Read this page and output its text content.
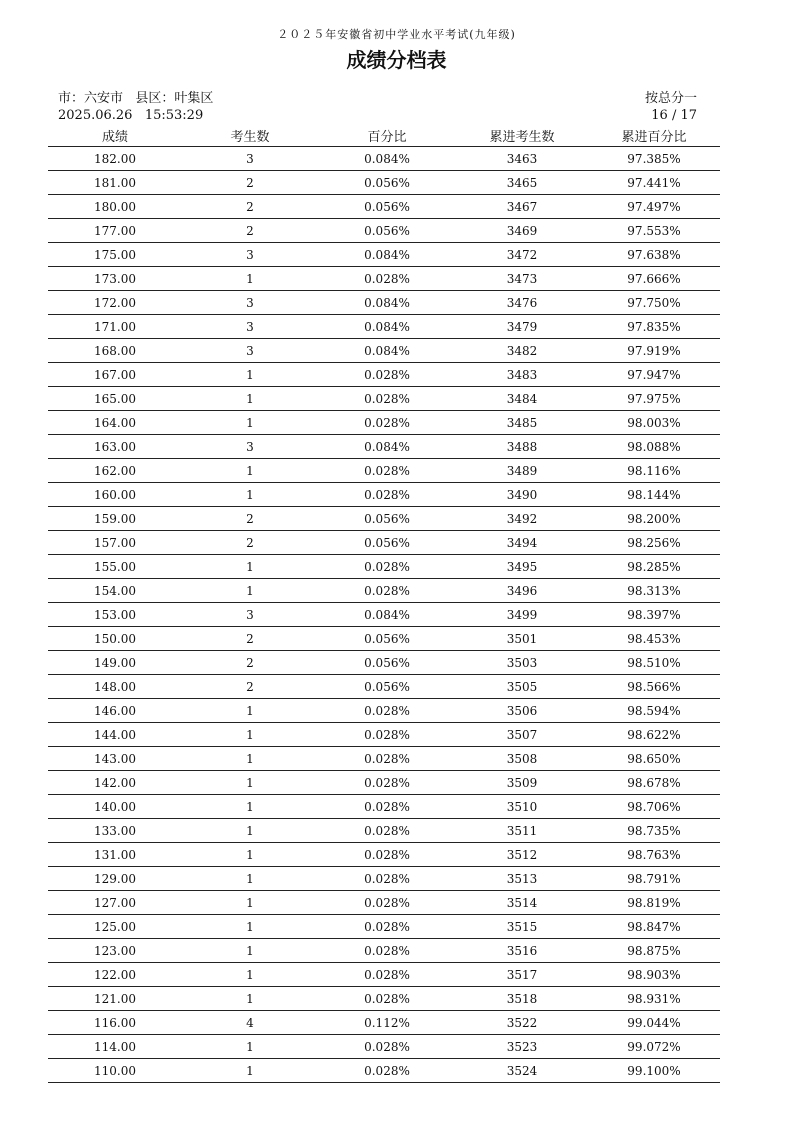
２０２５年安徽省初中学业水平考试(九年级)
成绩分档表
市：六安市   县区：叶集区
2025.06.26   15:53:29
按总分一
16 / 17
成绩	考生数	百分比	累进考生数	累进百分比
182.00	3	0.084%	3463	97.385%
181.00	2	0.056%	3465	97.441%
180.00	2	0.056%	3467	97.497%
177.00	2	0.056%	3469	97.553%
175.00	3	0.084%	3472	97.638%
173.00	1	0.028%	3473	97.666%
172.00	3	0.084%	3476	97.750%
171.00	3	0.084%	3479	97.835%
168.00	3	0.084%	3482	97.919%
167.00	1	0.028%	3483	97.947%
165.00	1	0.028%	3484	97.975%
164.00	1	0.028%	3485	98.003%
163.00	3	0.084%	3488	98.088%
162.00	1	0.028%	3489	98.116%
160.00	1	0.028%	3490	98.144%
159.00	2	0.056%	3492	98.200%
157.00	2	0.056%	3494	98.256%
155.00	1	0.028%	3495	98.285%
154.00	1	0.028%	3496	98.313%
153.00	3	0.084%	3499	98.397%
150.00	2	0.056%	3501	98.453%
149.00	2	0.056%	3503	98.510%
148.00	2	0.056%	3505	98.566%
146.00	1	0.028%	3506	98.594%
144.00	1	0.028%	3507	98.622%
143.00	1	0.028%	3508	98.650%
142.00	1	0.028%	3509	98.678%
140.00	1	0.028%	3510	98.706%
133.00	1	0.028%	3511	98.735%
131.00	1	0.028%	3512	98.763%
129.00	1	0.028%	3513	98.791%
127.00	1	0.028%	3514	98.819%
125.00	1	0.028%	3515	98.847%
123.00	1	0.028%	3516	98.875%
122.00	1	0.028%	3517	98.903%
121.00	1	0.028%	3518	98.931%
116.00	4	0.112%	3522	99.044%
114.00	1	0.028%	3523	99.072%
110.00	1	0.028%	3524	99.100%
